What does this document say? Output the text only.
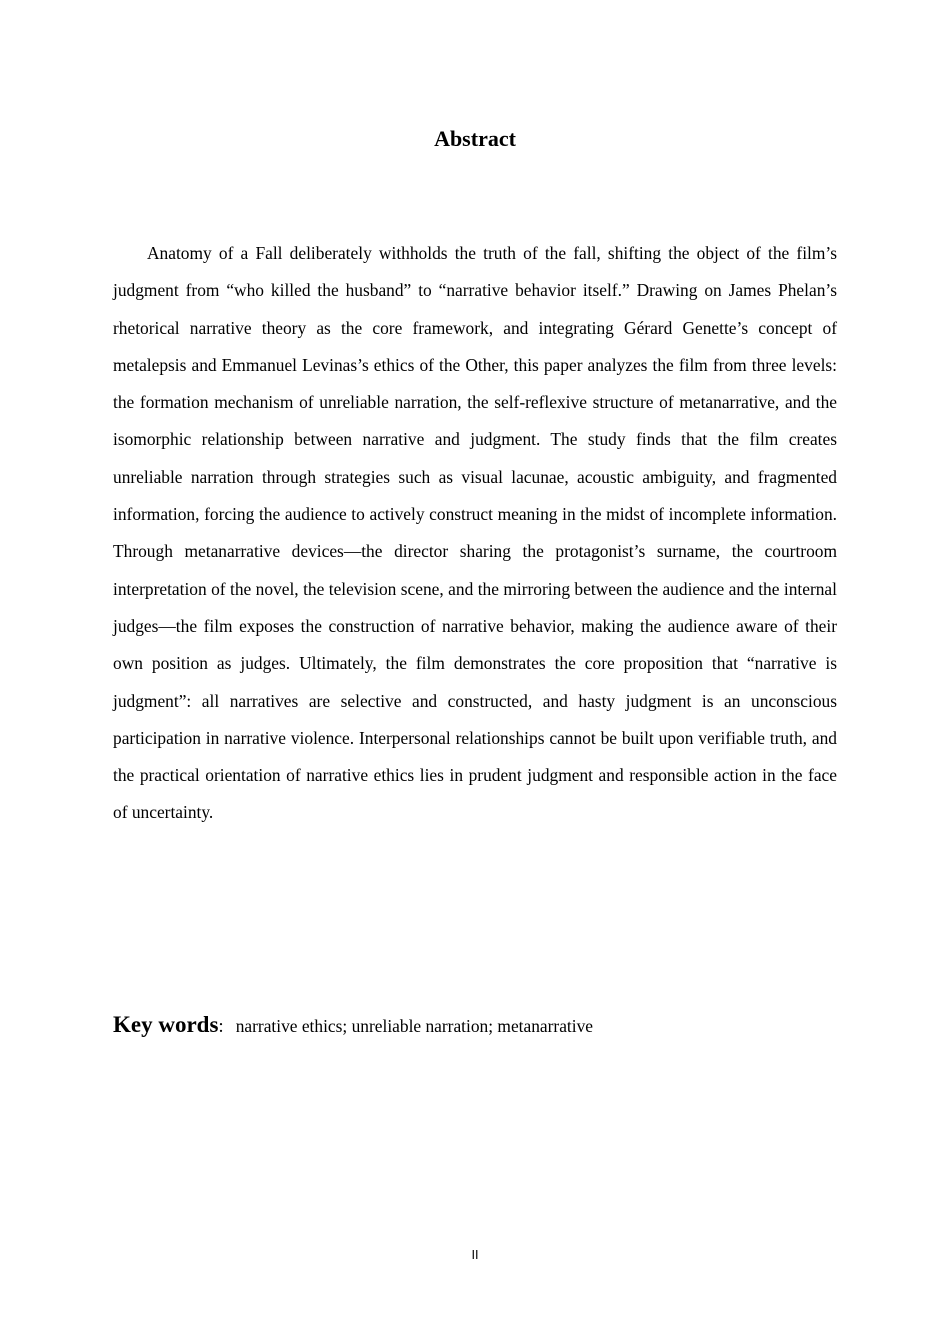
Abstract

Anatomy of a Fall deliberately withholds the truth of the fall, shifting the object of the film’s judgment from “who killed the husband” to “narrative behavior itself.” Drawing on James Phelan’s rhetorical narrative theory as the core framework, and integrating Gérard Genette’s concept of metalepsis and Emmanuel Levinas’s ethics of the Other, this paper analyzes the film from three levels: the formation mechanism of unreliable narration, the self-reflexive structure of metanarrative, and the isomorphic relationship between narrative and judgment. The study finds that the film creates unreliable narration through strategies such as visual lacunae, acoustic ambiguity, and fragmented information, forcing the audience to actively construct meaning in the midst of incomplete information. Through metanarrative devices—the director sharing the protagonist’s surname, the courtroom interpretation of the novel, the television scene, and the mirroring between the audience and the internal judges—the film exposes the construction of narrative behavior, making the audience aware of their own position as judges. Ultimately, the film demonstrates the core proposition that “narrative is judgment”: all narratives are selective and constructed, and hasty judgment is an unconscious participation in narrative violence. Interpersonal relationships cannot be built upon verifiable truth, and the practical orientation of narrative ethics lies in prudent judgment and responsible action in the face of uncertainty.

Key words: narrative ethics; unreliable narration; metanarrative
II
